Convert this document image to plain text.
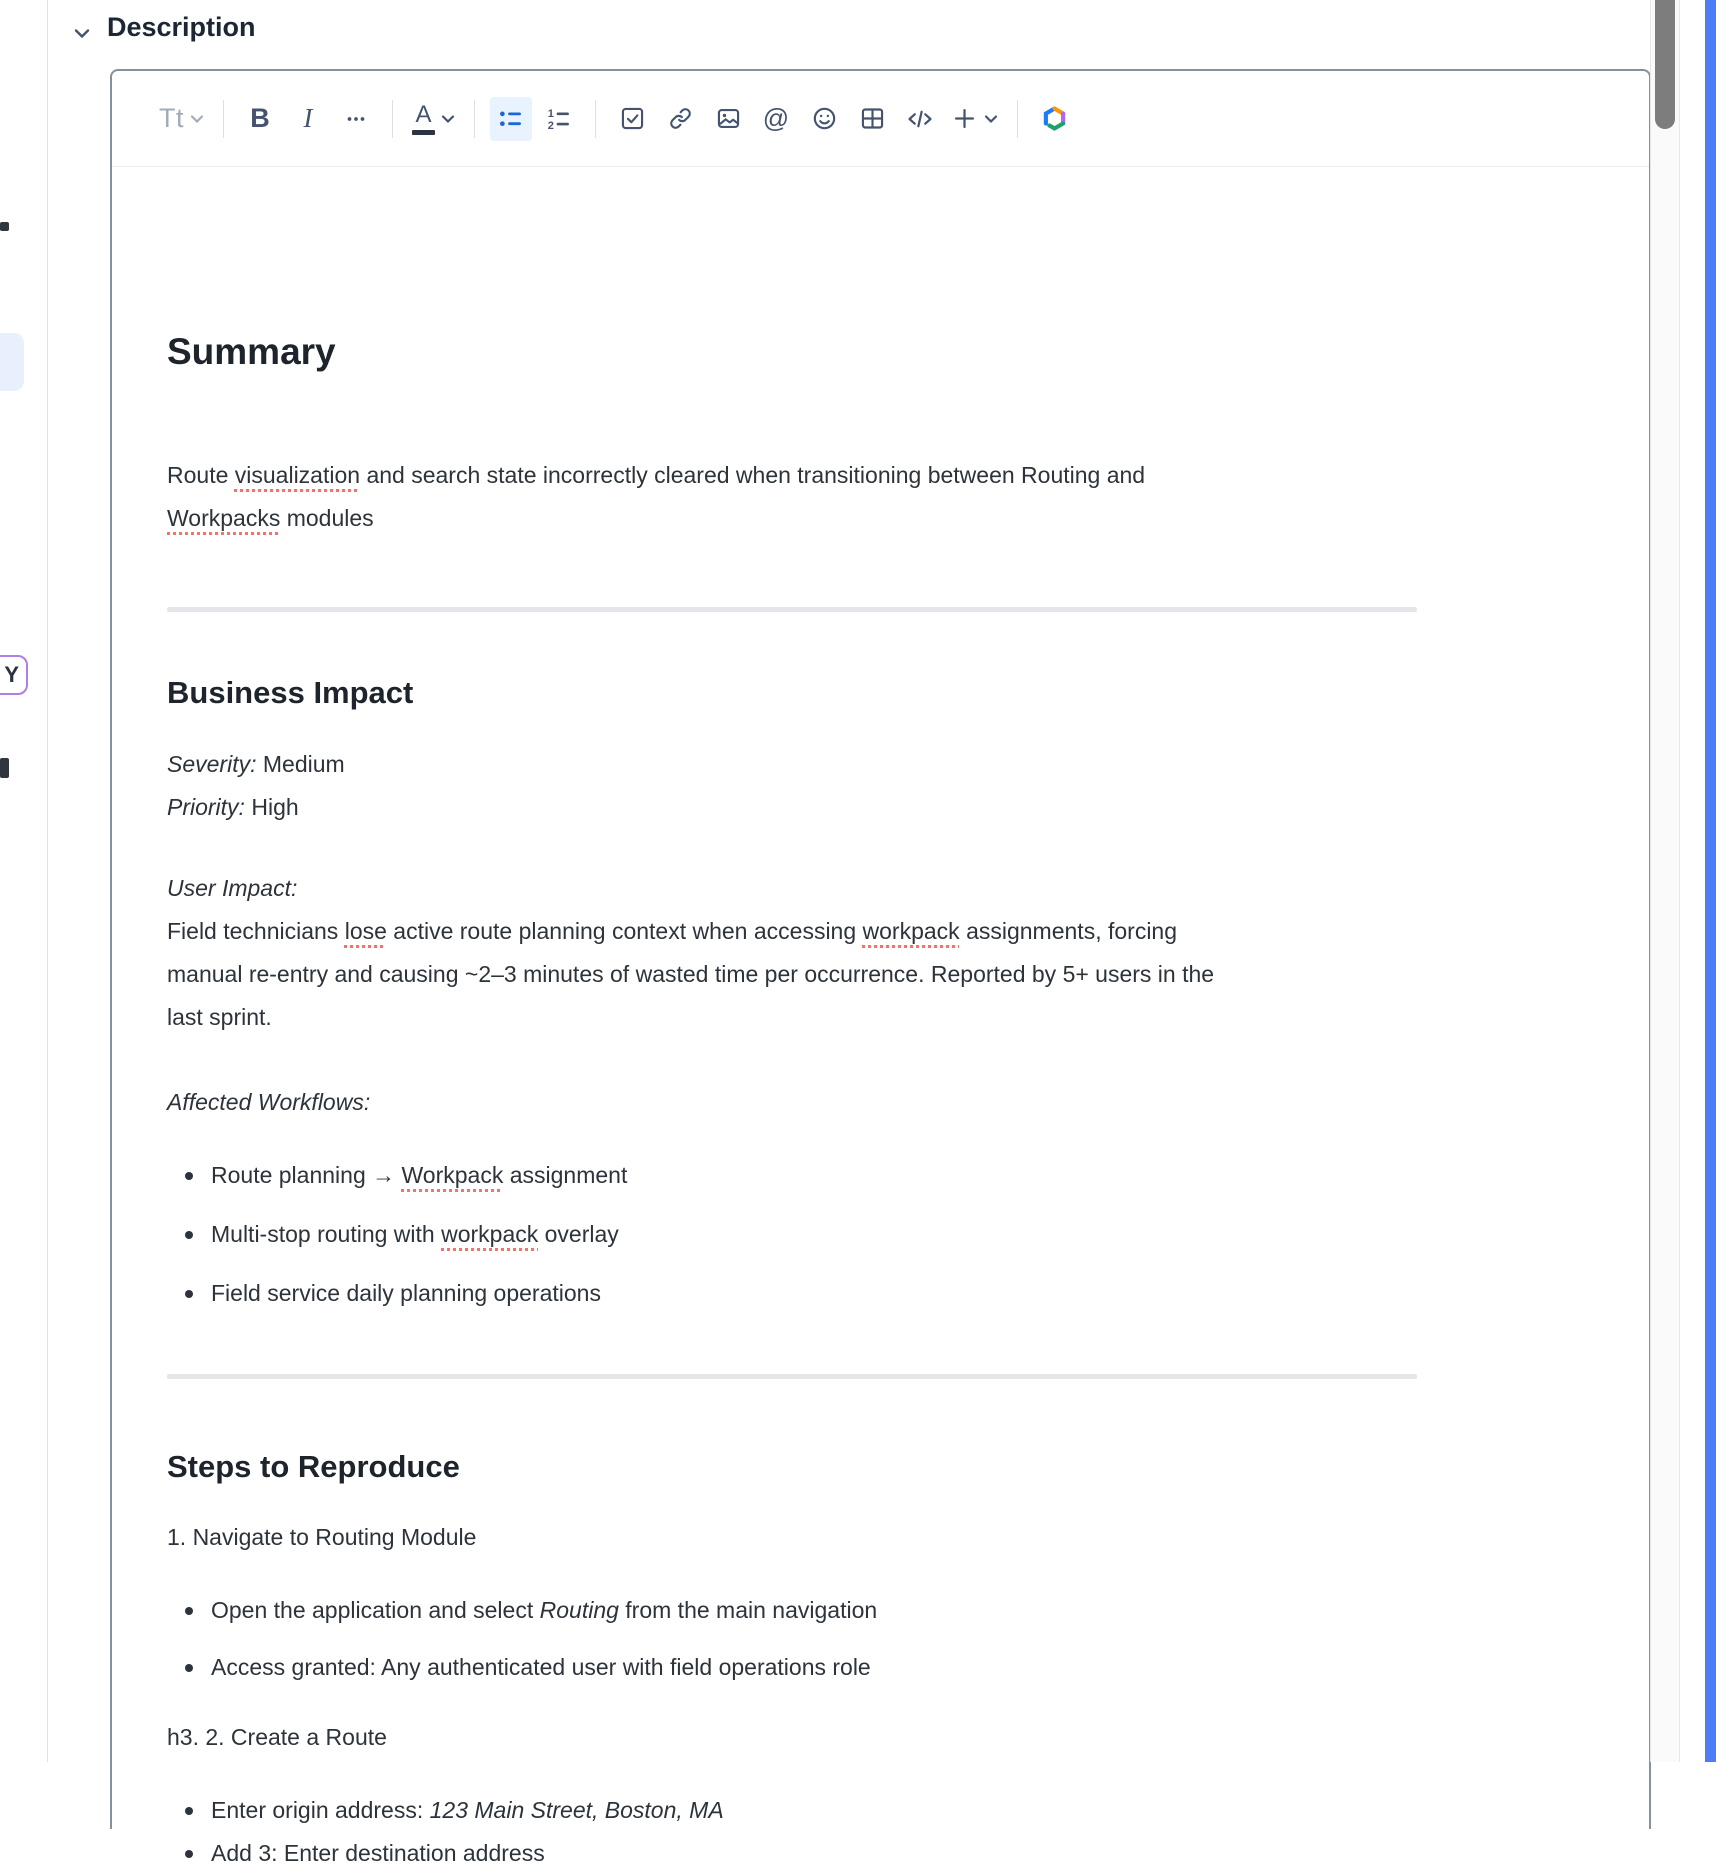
Y
Description
Tt B I	A	1
2	@
Summary

Route visualization and search state incorrectly cleared when transitioning between Routing and
Workpacks modules

Business Impact

Severity: Medium
Priority: High

User Impact:
Field technicians lose active route planning context when accessing workpack assignments, forcing
manual re-entry and causing ~2–3 minutes of wasted time per occurrence. Reported by 5+ users in the
last sprint.

Affected Workflows:

Route planning → Workpack assignment
Multi-stop routing with workpack overlay
Field service daily planning operations
Steps to Reproduce

1. Navigate to Routing Module

Open the application and select Routing from the main navigation
Access granted: Any authenticated user with field operations role

h3. 2. Create a Route

Enter origin address: 123 Main Street, Boston, MA
Add 3: Enter destination address
